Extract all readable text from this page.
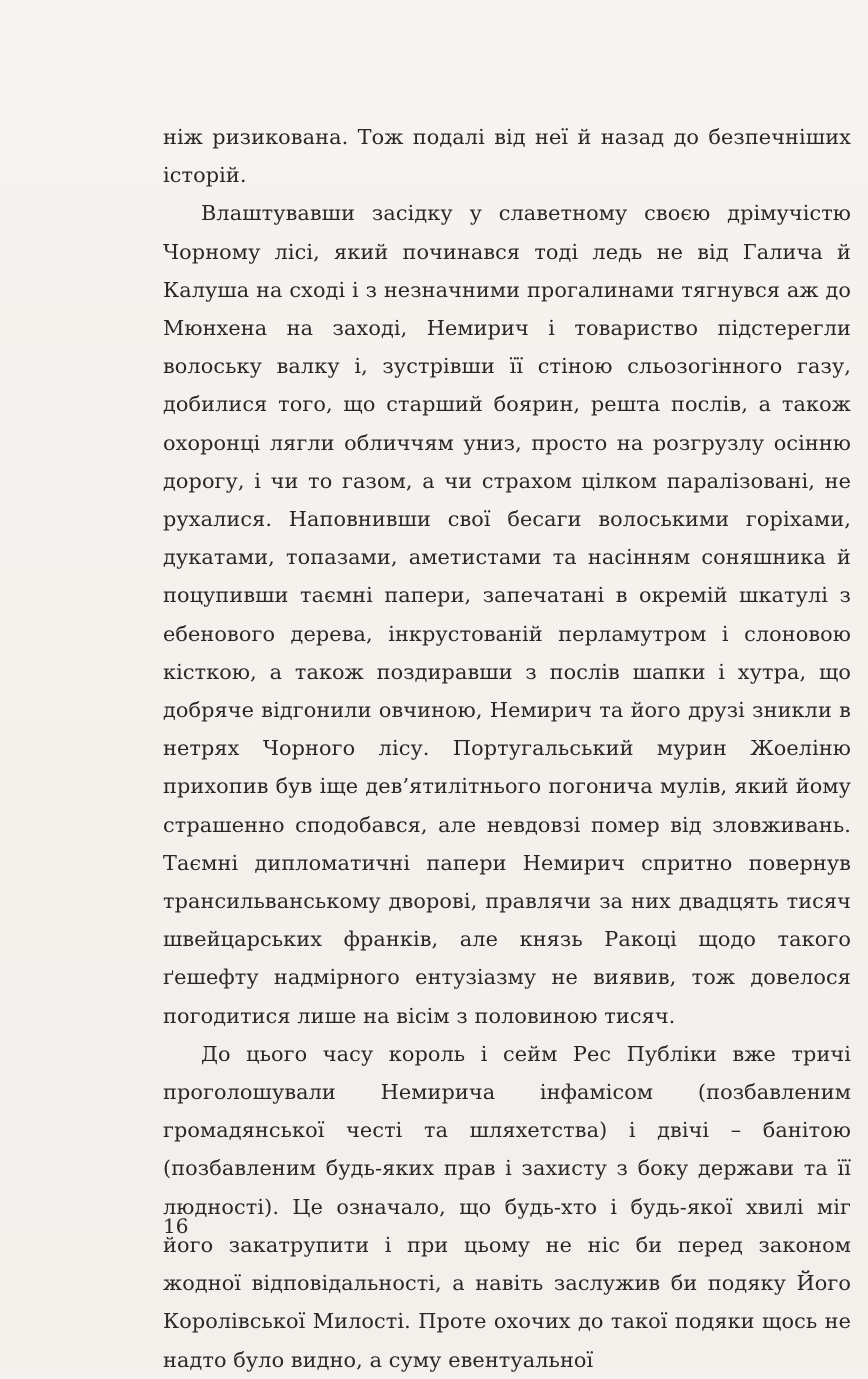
ніж ризикована. Тож подалі від неї й назад до безпечніших історій.

Влаштувавши засідку у славетному своєю дрімучістю Чорному лісі, який починався тоді ледь не від Галича й Калуша на сході і з незначними прогалинами тягнувся аж до Мюнхена на заході, Немирич і товариство підстерегли волоську валку і, зустрівши її стіною сльозогінного газу, добилися того, що старший боярин, решта послів, а також охоронці лягли обличчям униз, просто на розгрузлу осінню дорогу, і чи то газом, а чи страхом цілком паралізовані, не рухалися. Наповнивши свої бесаги волоськими горіхами, дукатами, топазами, аметистами та насінням соняшника й поцупивши таємні папери, запечатані в окремій шкатулі з ебенового дерева, інкрустованій перламутром і слоновою кісткою, а також поздиравши з послів шапки і хутра, що добряче відгонили овчиною, Немирич та його друзі зникли в нетрях Чорного лісу. Португальський мурин Жоеліню прихопив був іще дев’ятилітнього погонича мулів, який йому страшенно сподобався, але невдовзі помер від зловживань. Таємні дипломатичні папери Немирич спритно повернув трансильванському дворові, правлячи за них двадцять тисяч швейцарських франків, але князь Ракоці щодо такого ґешефту надмірного ентузіазму не виявив, тож довелося погодитися лише на вісім з половиною тисяч.

До цього часу король і сейм Рес Публіки вже тричі проголошували Немирича інфамісом (позбавленим громадянської честі та шляхетства) і двічі – банітою (позбавленим будь-яких прав і захисту з боку держави та її людності). Це означало, що будь-хто і будь-якої хвилі міг його закатрупити і при цьому не ніс би перед законом жодної відповідальності, а навіть заслужив би подяку Його Королівської Милості. Проте охочих до такої подяки щось не надто було видно, а суму евентуальної

16
